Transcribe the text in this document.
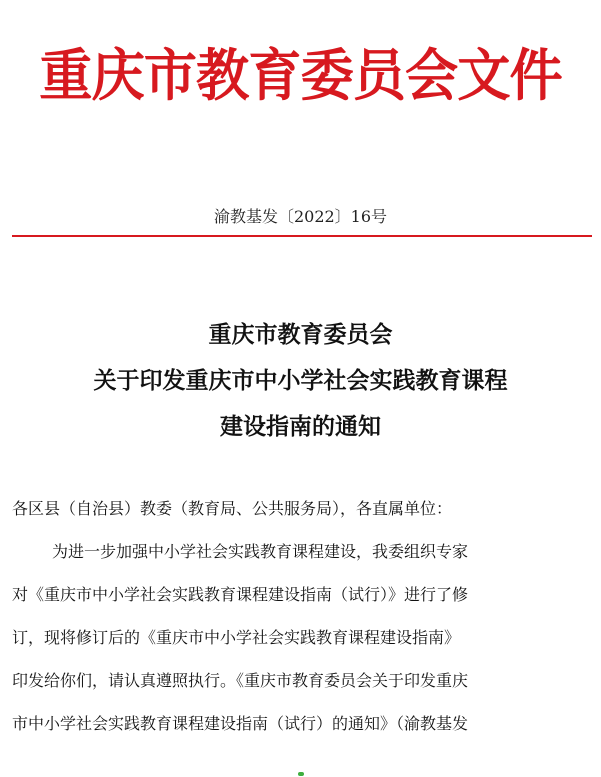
重庆市教育委员会文件
渝教基发〔2022〕16号
重庆市教育委员会
关于印发重庆市中小学社会实践教育课程
建设指南的通知
各区县（自治县）教委（教育局、公共服务局），各直属单位：
为进一步加强中小学社会实践教育课程建设，我委组织专家
对《重庆市中小学社会实践教育课程建设指南（试行）》进行了修
订，现将修订后的《重庆市中小学社会实践教育课程建设指南》
印发给你们，请认真遵照执行。《重庆市教育委员会关于印发重庆
市中小学社会实践教育课程建设指南（试行）的通知》（渝教基发
